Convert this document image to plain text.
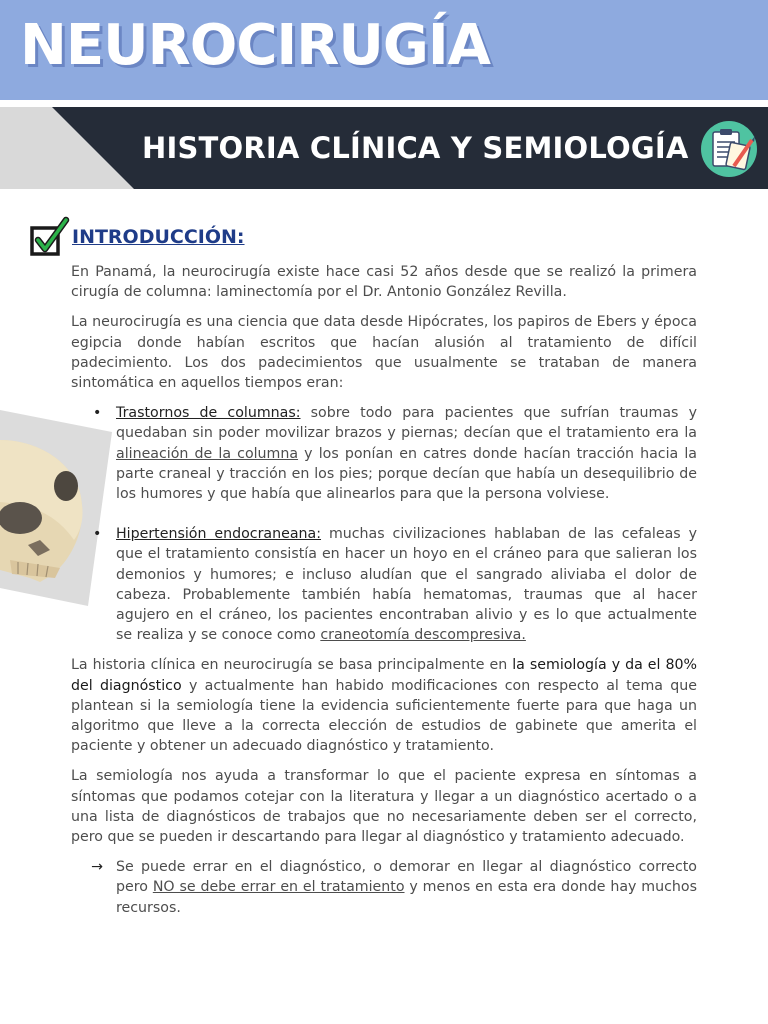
NEUROCIRUGÍA
HISTORIA CLÍNICA Y SEMIOLOGÍA
INTRODUCCIÓN:

En Panamá, la neurocirugía existe hace casi 52 años desde que se realizó la primera cirugía de columna: laminectomía por el Dr. Antonio González Revilla.

La neurocirugía es una ciencia que data desde Hipócrates, los papiros de Ebers y época egipcia donde habían escritos que hacían alusión al tratamiento de difícil padecimiento. Los dos padecimientos que usualmente se trataban de manera sintomática en aquellos tiempos eran:

• Trastornos de columnas: sobre todo para pacientes que sufrían traumas y quedaban sin poder movilizar brazos y piernas; decían que el tratamiento era la alineación de la columna y los ponían en catres donde hacían tracción hacia la parte craneal y tracción en los pies; porque decían que había un desequilibrio de los humores y que había que alinearlos para que la persona volviese.
• Hipertensión endocraneana: muchas civilizaciones hablaban de las cefaleas y que el tratamiento consistía en hacer un hoyo en el cráneo para que salieran los demonios y humores; e incluso aludían que el sangrado aliviaba el dolor de cabeza. Probablemente también había hematomas, traumas que al hacer agujero en el cráneo, los pacientes encontraban alivio y es lo que actualmente se realiza y se conoce como craneotomía descompresiva.

La historia clínica en neurocirugía se basa principalmente en la semiología y da el 80% del diagnóstico y actualmente han habido modificaciones con respecto al tema que plantean si la semiología tiene la evidencia suficientemente fuerte para que haga un algoritmo que lleve a la correcta elección de estudios de gabinete que amerita el paciente y obtener un adecuado diagnóstico y tratamiento.

La semiología nos ayuda a transformar lo que el paciente expresa en síntomas a síntomas que podamos cotejar con la literatura y llegar a un diagnóstico acertado o a una lista de diagnósticos de trabajos que no necesariamente deben ser el correcto, pero que se pueden ir descartando para llegar al diagnóstico y tratamiento adecuado.

→ Se puede errar en el diagnóstico, o demorar en llegar al diagnóstico correcto pero NO se debe errar en el tratamiento y menos en esta era donde hay muchos recursos.
